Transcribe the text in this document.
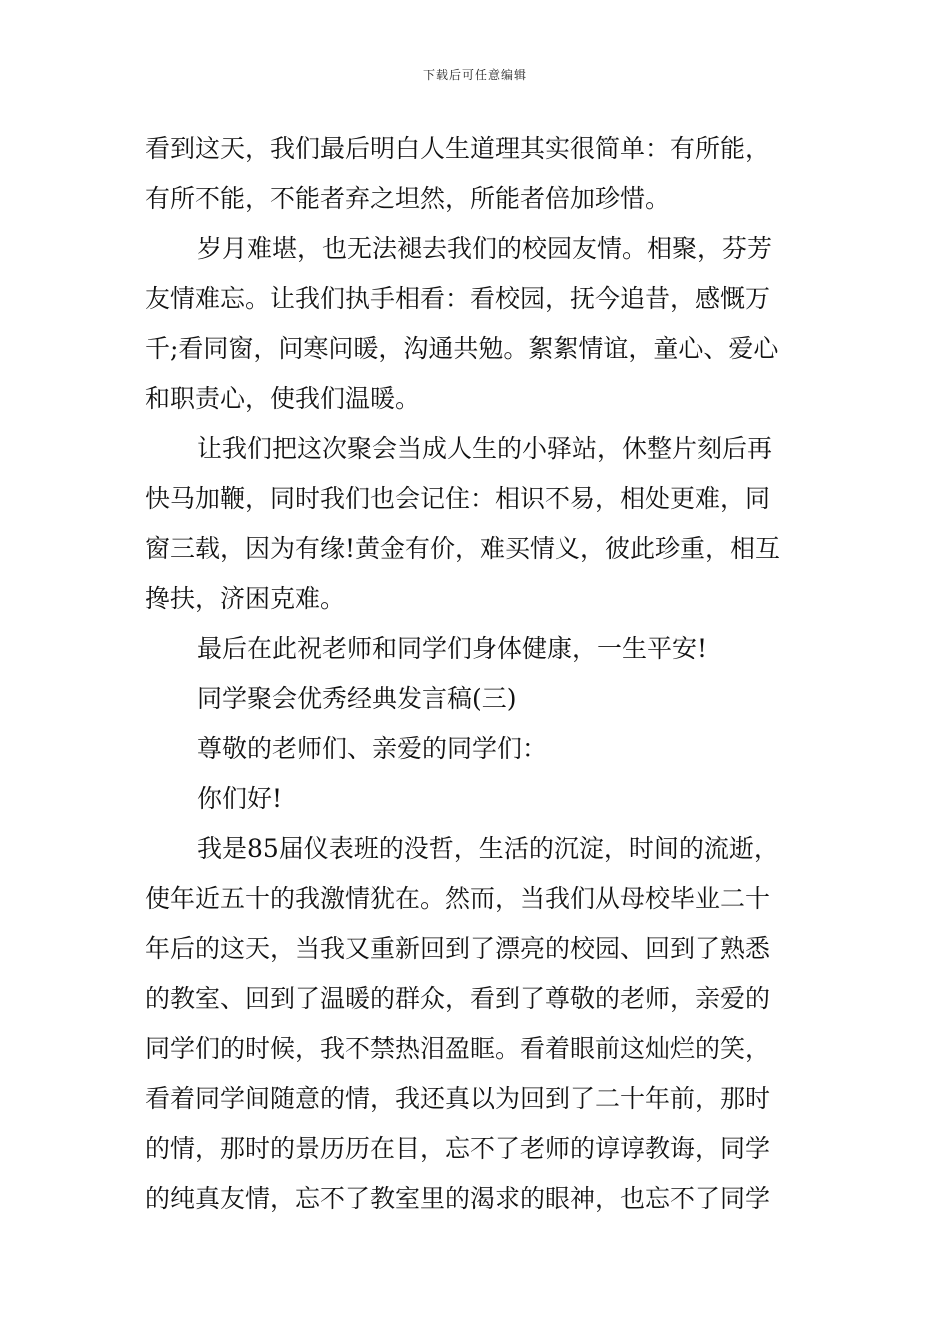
下载后可任意编辑
看到这天，我们最后明白人生道理其实很简单：有所能，
有所不能，不能者弃之坦然，所能者倍加珍惜。
岁月难堪，也无法褪去我们的校园友情。相聚，芬芳
友情难忘。让我们执手相看：看校园，抚今追昔，感慨万
千;看同窗，问寒问暖，沟通共勉。絮絮情谊，童心、爱心
和职责心，使我们温暖。
让我们把这次聚会当成人生的小驿站，休整片刻后再
快马加鞭，同时我们也会记住：相识不易，相处更难，同
窗三载，因为有缘!黄金有价，难买情义，彼此珍重，相互
搀扶，济困克难。
最后在此祝老师和同学们身体健康，一生平安!
同学聚会优秀经典发言稿(三)
尊敬的老师们、亲爱的同学们：
你们好!
我是85届仪表班的没哲，生活的沉淀，时间的流逝，
使年近五十的我激情犹在。然而，当我们从母校毕业二十
年后的这天，当我又重新回到了漂亮的校园、回到了熟悉
的教室、回到了温暖的群众，看到了尊敬的老师，亲爱的
同学们的时候，我不禁热泪盈眶。看着眼前这灿烂的笑，
看着同学间随意的情，我还真以为回到了二十年前，那时
的情，那时的景历历在目，忘不了老师的谆谆教诲，同学
的纯真友情，忘不了教室里的渴求的眼神，也忘不了同学
